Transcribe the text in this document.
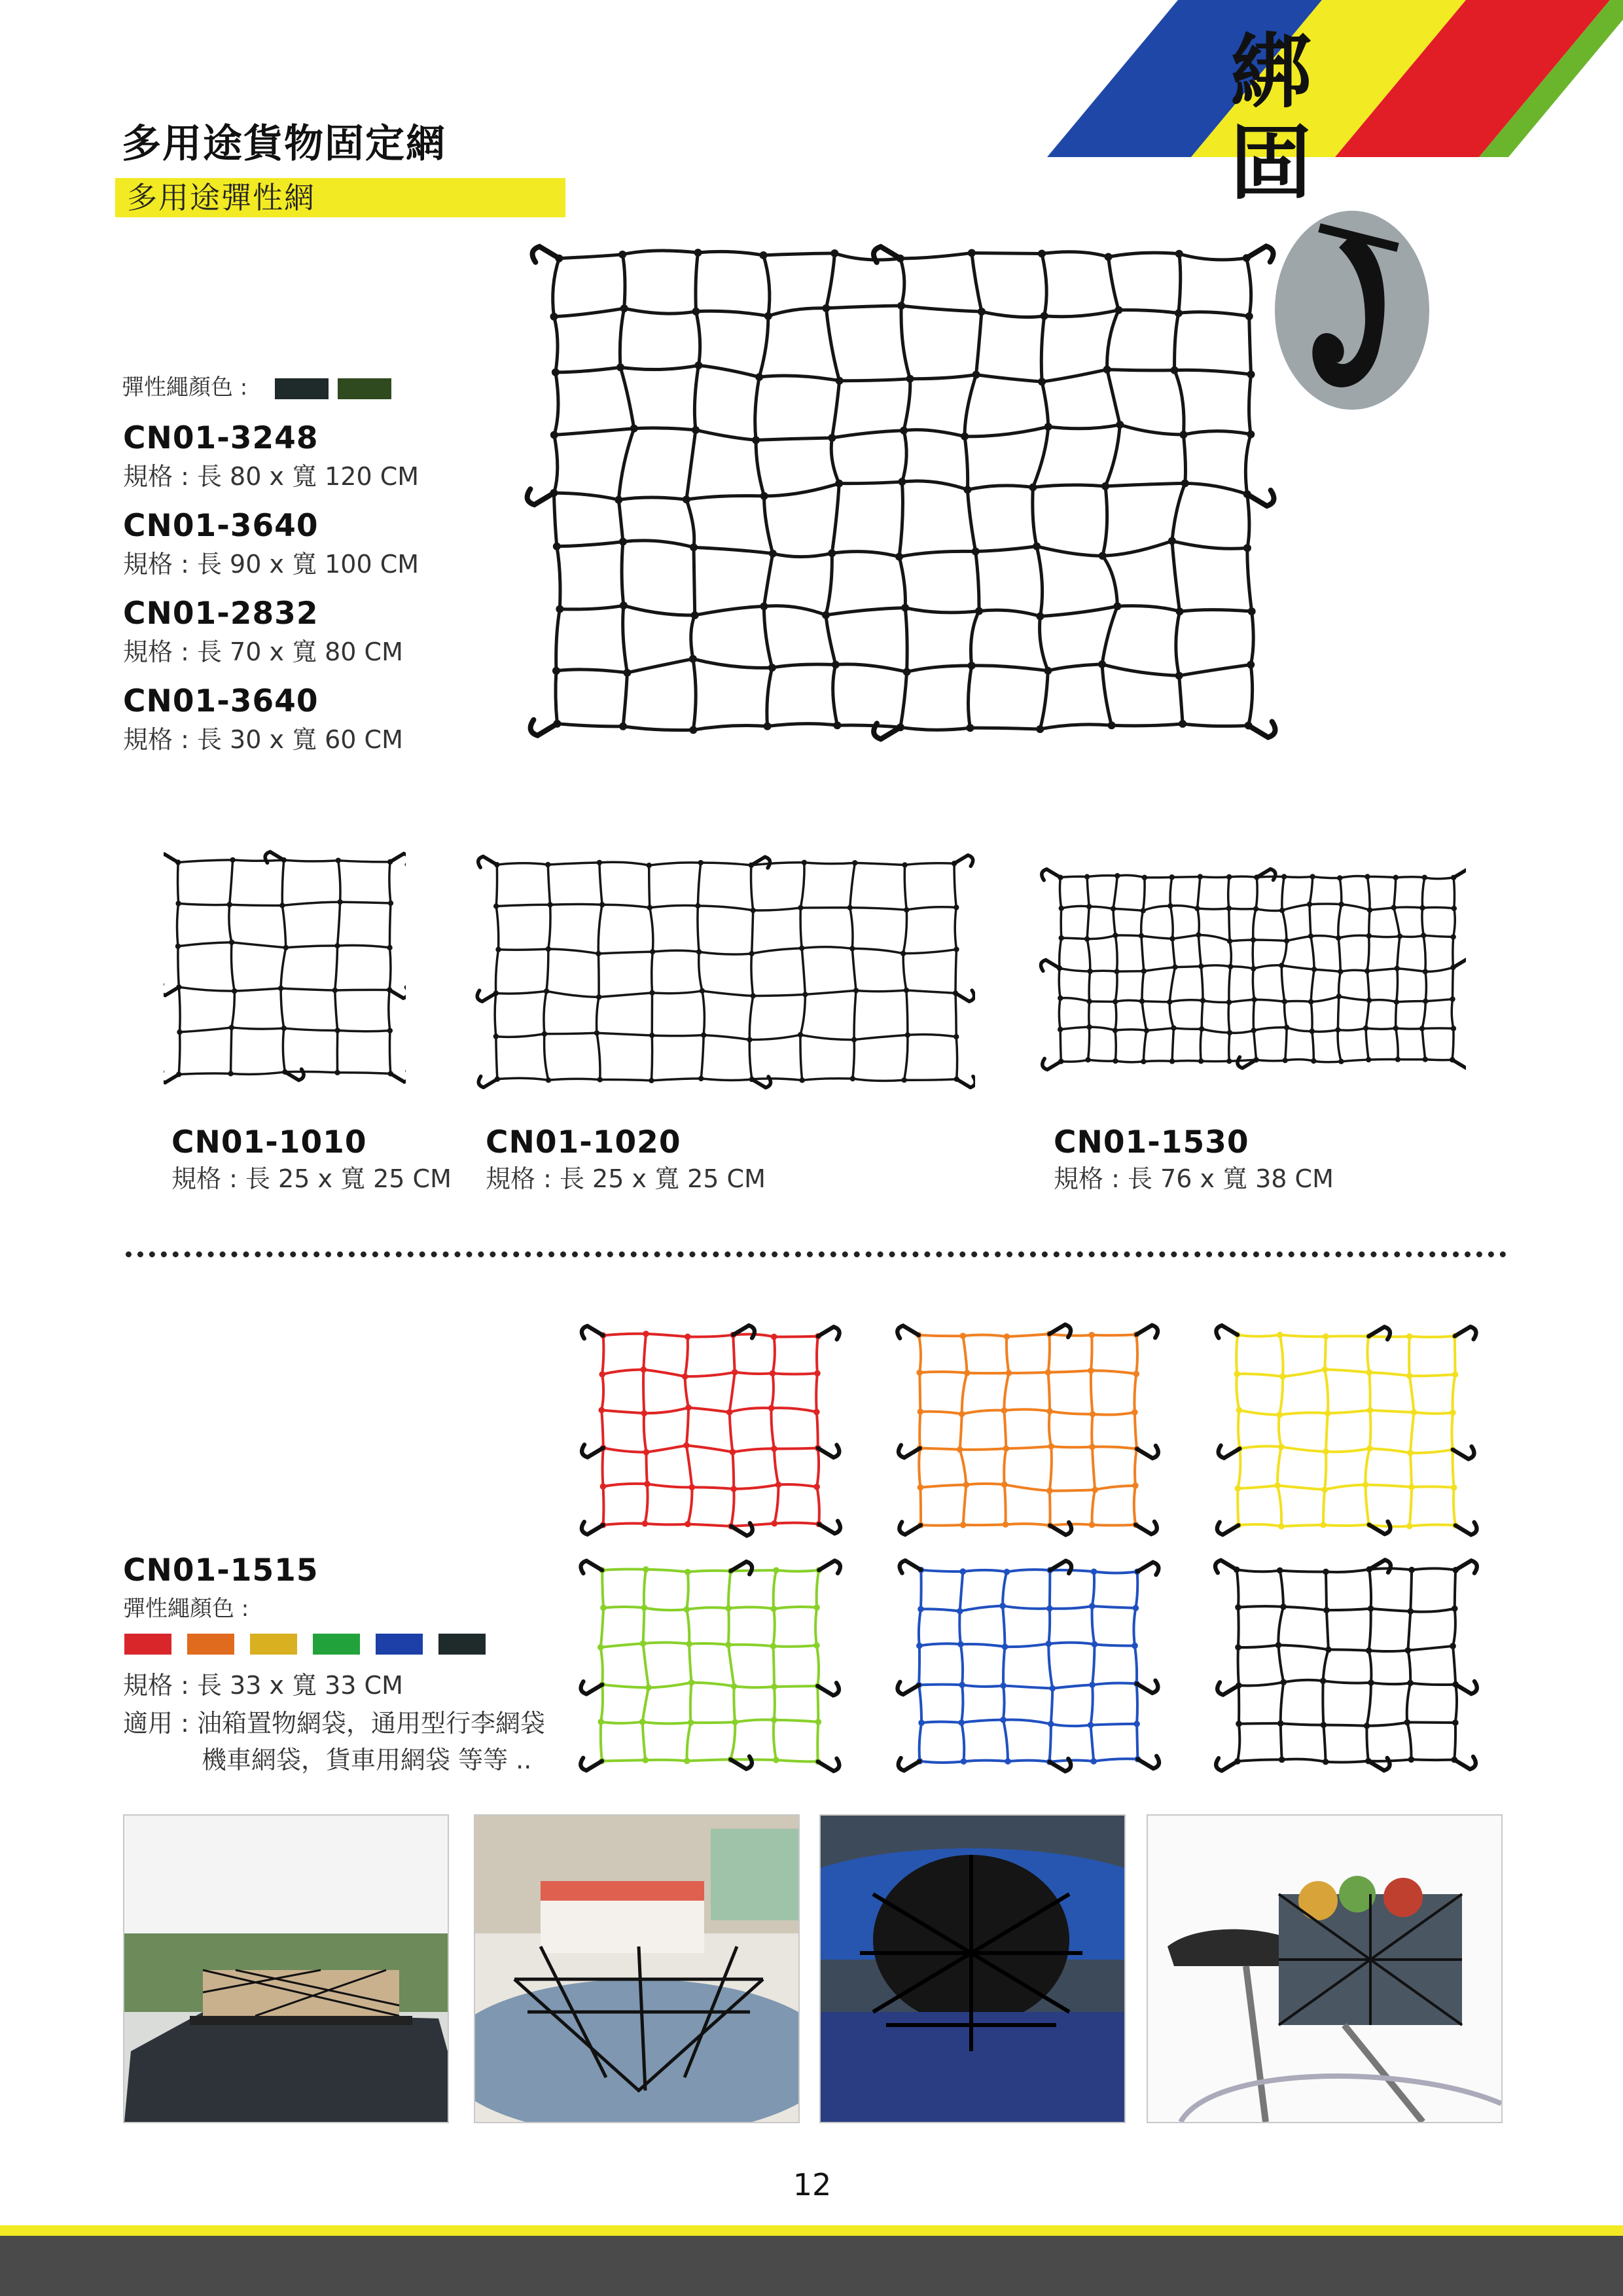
綁 固
多用途貨物固定網
多用途彈性網
彈性繩顏色 :
CN01-3248
規格 : 長 80 x 寬 120 CM
CN01-3640
規格 : 長 90 x 寬 100 CM
CN01-2832
規格 : 長 70 x 寬 80 CM
CN01-3640
規格 : 長 30 x 寬 60 CM
CN01-1010
規格 : 長 25 x 寬 25 CM
CN01-1020
規格 : 長 25 x 寬 25 CM
CN01-1530
規格 : 長 76 x 寬 38 CM
CN01-1515
彈性繩顏色 :
規格 : 長 33 x 寬 33 CM
適用 : 油箱置物網袋，通用型行李網袋
機車網袋，貨車用網袋 等等 ..
12
